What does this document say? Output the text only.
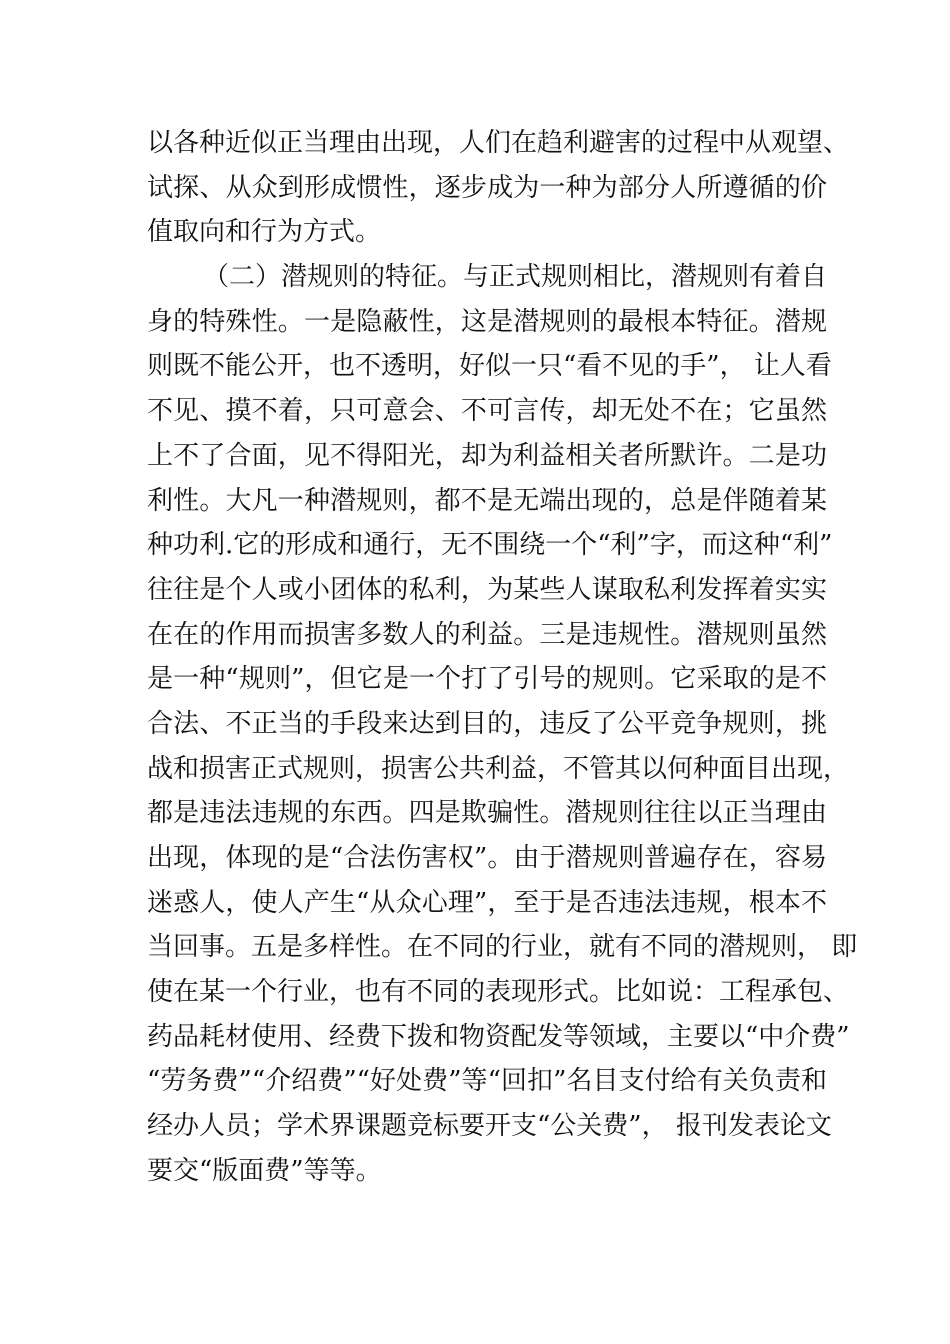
以各种近似正当理由出现，人们在趋利避害的过程中从观望、
试探、从众到形成惯性，逐步成为一种为部分人所遵循的价
值取向和行为方式。
（二）潜规则的特征。与正式规则相比，潜规则有着自
身的特殊性。一是隐蔽性，这是潜规则的最根本特征。潜规
则既不能公开，也不透明，好似一只“看不见的手”， 让人看
不见、摸不着，只可意会、不可言传，却无处不在；它虽然
上不了合面，见不得阳光，却为利益相关者所默许。二是功
利性。大凡一种潜规则，都不是无端出现的，总是伴随着某
种功利.它的形成和通行，无不围绕一个“利”字，而这种“利”
往往是个人或小团体的私利，为某些人谋取私利发挥着实实
在在的作用而损害多数人的利益。三是违规性。潜规则虽然
是一种“规则”，但它是一个打了引号的规则。它采取的是不
合法、不正当的手段来达到目的，违反了公平竞争规则，挑
战和损害正式规则，损害公共利益，不管其以何种面目出现，
都是违法违规的东西。四是欺骗性。潜规则往往以正当理由
出现，体现的是“合法伤害权”。由于潜规则普遍存在，容易
迷惑人，使人产生“从众心理”，至于是否违法违规，根本不
当回事。五是多样性。在不同的行业，就有不同的潜规则， 即
使在某一个行业，也有不同的表现形式。比如说：工程承包、
药品耗材使用、经费下拨和物资配发等领域，主要以“中介费”
“劳务费”“介绍费”“好处费”等“回扣”名目支付给有关负责和
经办人员；学术界课题竞标要开支“公关费”， 报刊发表论文
要交“版面费”等等。
